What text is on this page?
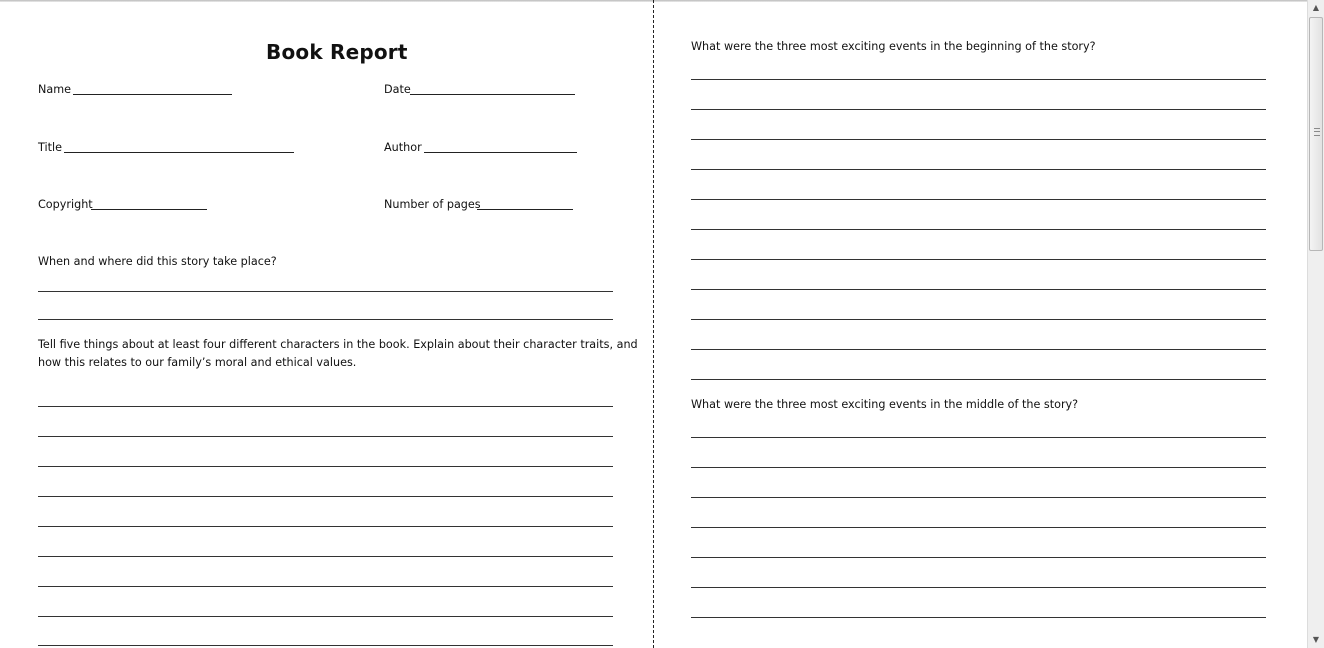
Book Report
Name	Date
Title	Author
Copyright	Number of pages
When and where did this story take place?
Tell five things about at least four different characters in the book. Explain about their character traits, and
how this relates to our family’s moral and ethical values.
What were the three most exciting events in the beginning of the story?
What were the three most exciting events in the middle of the story?
▲
▼
